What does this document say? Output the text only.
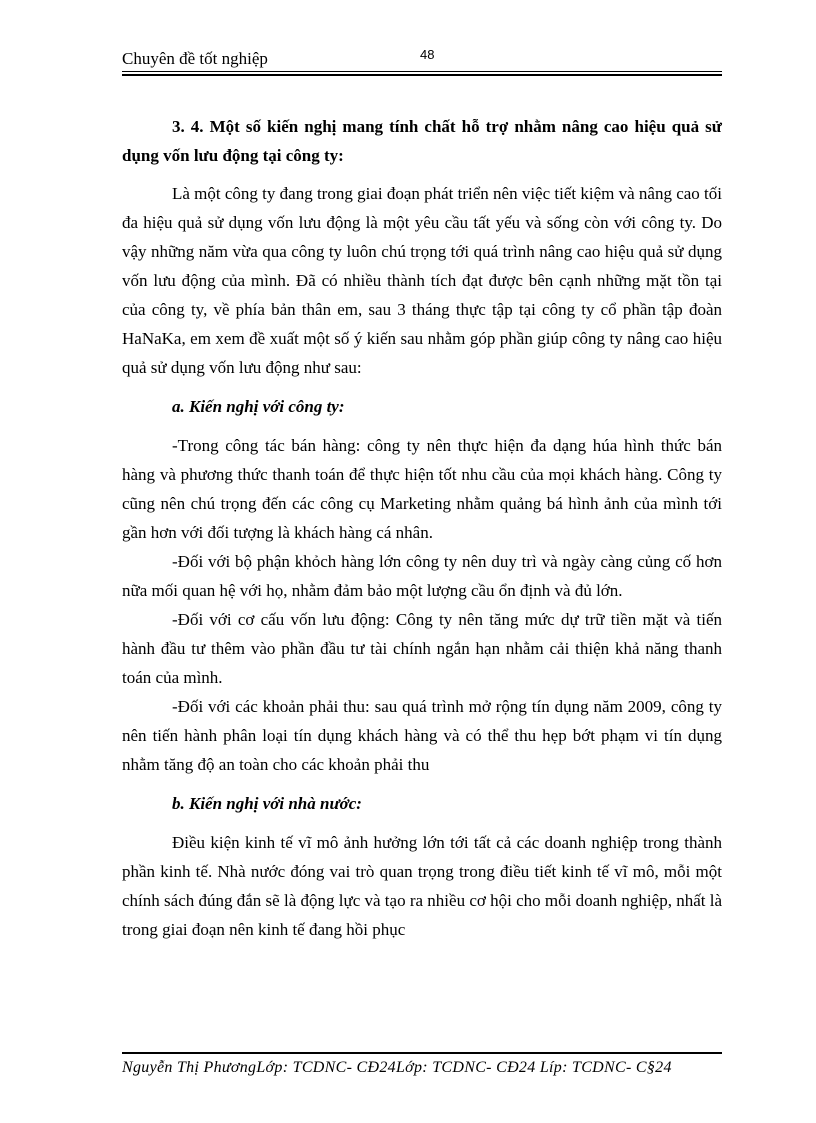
Chuyên đề tốt nghiệp	48

3. 4. Một số kiến nghị mang tính chất hỗ trợ nhằm nâng cao hiệu quả sử dụng vốn lưu động tại công ty:

Là một công ty đang trong giai đoạn phát triển nên việc tiết kiệm và nâng cao tối đa hiệu quả sử dụng vốn lưu động là một yêu cầu tất yếu và sống còn với công ty. Do vậy những năm vừa qua công ty luôn chú trọng tới quá trình nâng cao hiệu quả sử dụng vốn lưu động của mình. Đã có nhiều thành tích đạt được bên cạnh những mặt tồn tại của công ty, về phía bản thân em, sau 3 tháng thực tập tại công ty cổ phần tập đoàn HaNaKa, em xem đề xuất một số ý kiến sau nhằm góp phần giúp công ty nâng cao hiệu quả sử dụng vốn lưu động như sau:

a. Kiến nghị với công ty:

-Trong công tác bán hàng: công ty nên thực hiện đa dạng húa hình thức bán hàng và phương thức thanh toán để thực hiện tốt nhu cầu của mọi khách hàng. Công ty cũng nên chú trọng đến các công cụ Marketing nhằm quảng bá hình ảnh của mình tới gần hơn với đối tượng là khách hàng cá nhân.

-Đối với bộ phận khỏch hàng lớn công ty nên duy trì và ngày càng củng cố hơn nữa mối quan hệ với họ, nhằm đảm bảo một lượng cầu ổn định và đủ lớn.

-Đối với cơ cấu vốn lưu động: Công ty nên tăng mức dự trữ tiền mặt và tiến hành đầu tư thêm vào phần đầu tư tài chính ngắn hạn nhằm cải thiện khả năng thanh toán của mình.

-Đối với các khoản phải thu: sau quá trình mở rộng tín dụng năm 2009, công ty nên tiến hành phân loại tín dụng khách hàng và có thể thu hẹp bớt phạm vi tín dụng nhằm tăng độ an toàn cho các khoản phải thu

b. Kiến nghị với nhà nước:

Điều kiện kinh tế vĩ mô ảnh hưởng lớn tới tất cả các doanh nghiệp trong thành phần kinh tế. Nhà nước đóng vai trò quan trọng trong điều tiết kinh tế vĩ mô, mỗi một chính sách đúng đắn sẽ là động lực và tạo ra nhiều cơ hội cho mỗi doanh nghiệp, nhất là trong giai đoạn nên kinh tế đang hồi phục

Nguyễn Thị PhươngLớp: TCDNC- CĐ24Lớp: TCDNC- CĐ24 Líp: TCDNC- C§24
